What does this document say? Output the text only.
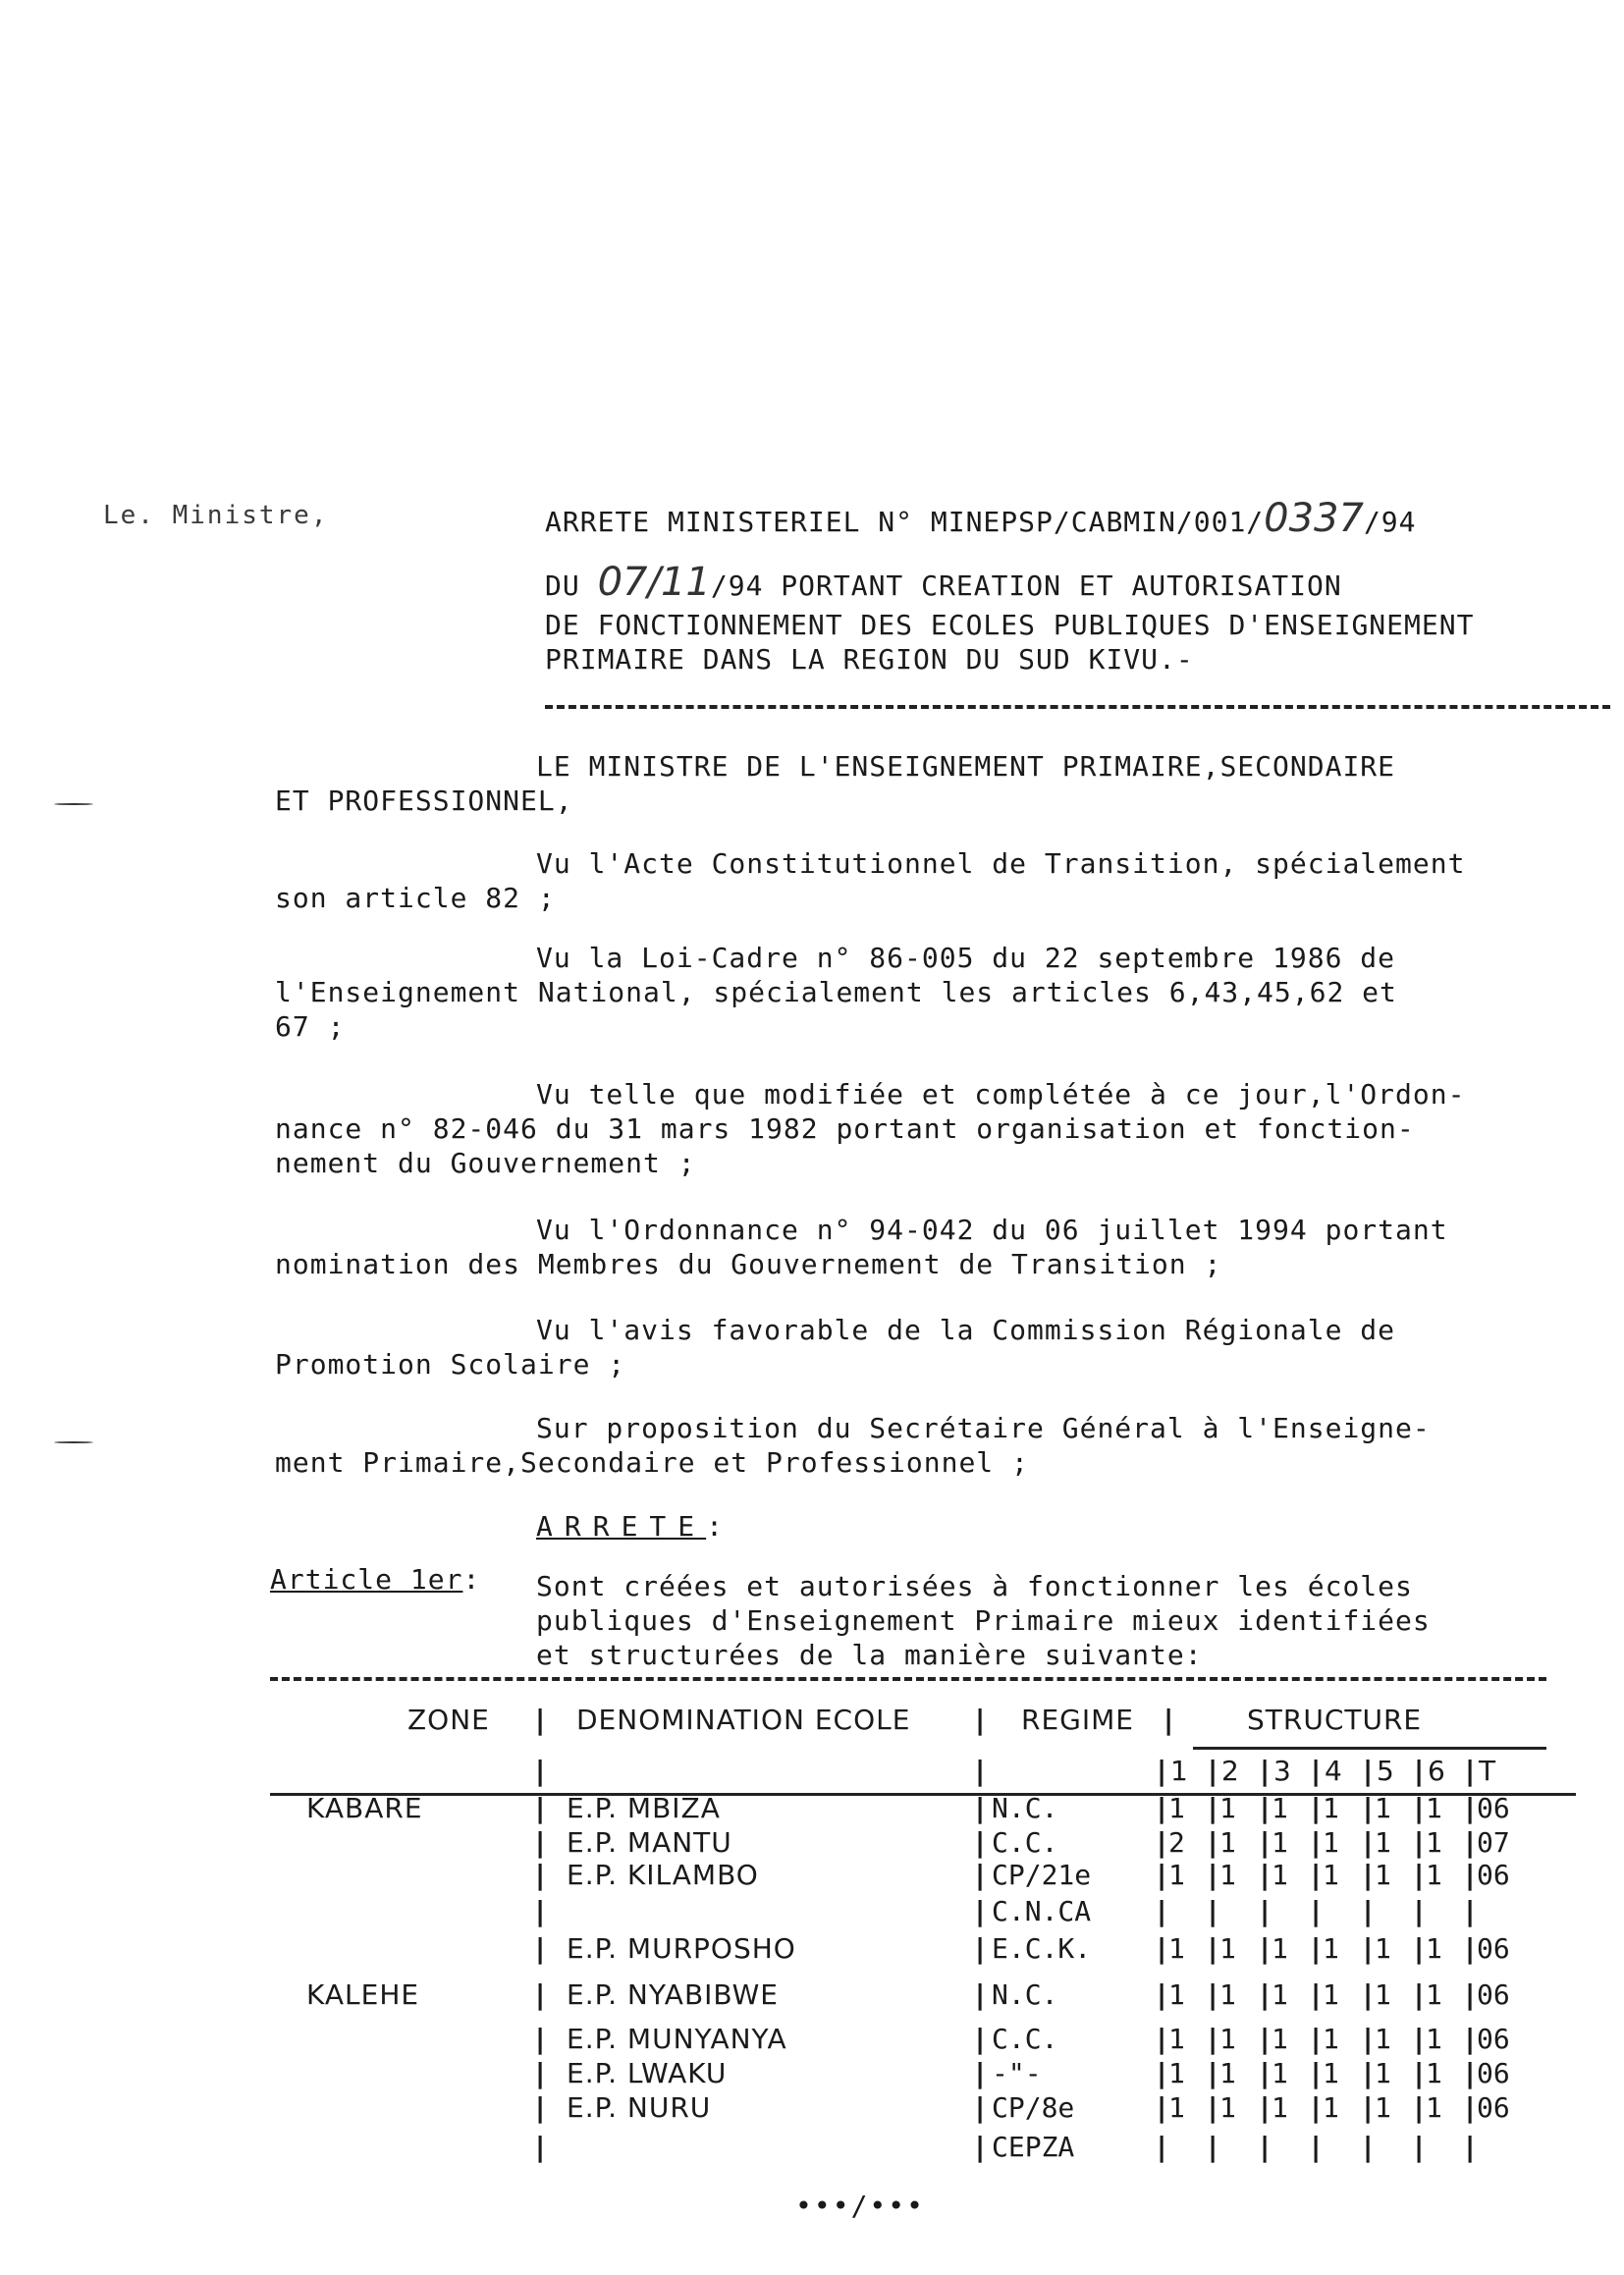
Le. Ministre,	ARRETE MINISTERIEL N° MINEPSP/CABMIN/001/0337/94
DU 07/11/94 PORTANT CREATION ET AUTORISATION
DE FONCTIONNEMENT DES ECOLES PUBLIQUES D'ENSEIGNEMENT
PRIMAIRE DANS LA REGION DU SUD KIVU.-
LE MINISTRE DE L'ENSEIGNEMENT PRIMAIRE,SECONDAIRE
ET PROFESSIONNEL,
Vu l'Acte Constitutionnel de Transition, spécialement
son article 82 ;
Vu la Loi-Cadre n° 86-005 du 22 septembre 1986 de
l'Enseignement National, spécialement les articles 6,43,45,62 et
67 ;
Vu telle que modifiée et complétée à ce jour,l'Ordon-
nance n° 82-046 du 31 mars 1982 portant organisation et fonction-
nement du Gouvernement ;
Vu l'Ordonnance n° 94-042 du 06 juillet 1994 portant
nomination des Membres du Gouvernement de Transition ;
Vu l'avis favorable de la Commission Régionale de
Promotion Scolaire ;
Sur proposition du Secrétaire Général à l'Enseigne-
ment Primaire,Secondaire et Professionnel ;
ARRETE:
Article 1er: Sont créées et autorisées à fonctionner les écoles
publiques d'Enseignement Primaire mieux identifiées
et structurées de la manière suivante:
ZONE	DENOMINATION ECOLE	REGIME	STRUCTURE
| 1 | 2 | 3 | 4 | 5 | 6 | T
|	|
KABARE	| E.P. MBIZA	| N.C.	| 1 | 1 | 1 | 1 | 1 | 1 | 06
| E.P. MANTU	| C.C.	| 2 | 1 | 1 | 1 | 1 | 1 | 07
| E.P. KILAMBO	| CP/21e | 1 | 1 | 1 | 1 | 1 | 1 | 06
|	| C.N.CA | | | | | | |
| E.P. MURPOSHO	| E.C.K. | 1 | 1 | 1 | 1 | 1 | 1 | 06
KALEHE	| E.P. NYABIBWE	| N.C.	| 1 | 1 | 1 | 1 | 1 | 1 | 06
| E.P. MUNYANYA	| C.C.	| 1 | 1 | 1 | 1 | 1 | 1 | 06
| E.P. LWAKU	| -"-	| 1 | 1 | 1 | 1 | 1 | 1 | 06
| E.P. NURU	| CP/8e	| 1 | 1 | 1 | 1 | 1 | 1 | 06
|	| CEPZA	| | | | | | |
|	|	|
•••/•••
